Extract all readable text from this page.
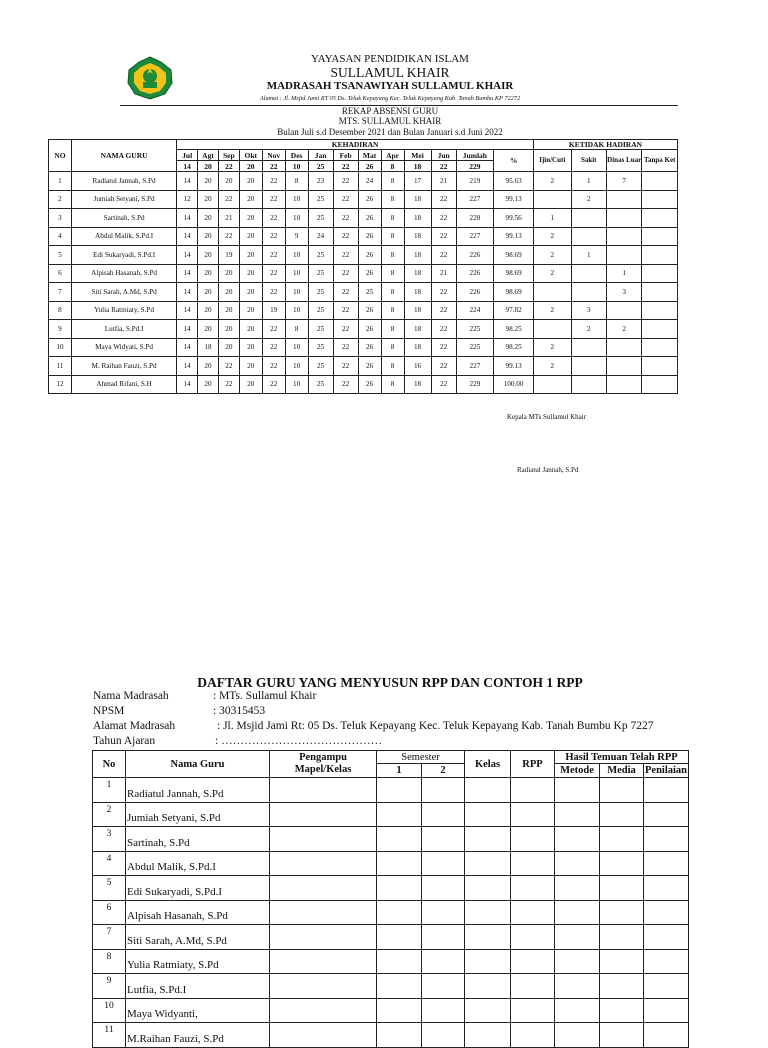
YAYASAN PENDIDIKAN ISLAM
SULLAMUL KHAIR
MADRASAH TSANAWIYAH SULLAMUL KHAIR
Alamat : Jl. Msjid Jami RT 05 Ds. Teluk Kepayang Kec. Teluk Kepayang Kab. Tanah Bumbu KP 72272
REKAP ABSENSI GURU
MTS. SULLAMUL KHAIR
Bulan Juli s.d Desember 2021 dan Bulan Januari s.d Juni 2022
NO	NAMA GURU	KEHADIRAN														KETIDAK HADIRAN			
		Jul	Agt	Sep	Okt	Nov	Des	Jan	Feb	Mat	Apr	Mei	Jun	Jumlah	%	Ijin/Cuti	Sakit	Dinas Luar	Tanpa Ket
		14	20	22	20	22	10	25	22	26	8	18	22	229					
1	Radiatul Jannah, S.Pd	14	20	20	20	22	8	23	22	24	8	17	21	219	95.63	2	1	7	
2	Jumiah Setyani, S.Pd	12	20	22	20	22	10	25	22	26	8	18	22	227	99.13		2		
3	Sartinah, S.Pd	14	20	21	20	22	10	25	22	26	8	18	22	228	99.56	1			
4	Abdul Malik, S.Pd.I	14	20	22	20	22	9	24	22	26	8	18	22	227	99.13	2			
5	Edi Sukaryadi, S.Pd.I	14	20	19	20	22	10	25	22	26	8	18	22	226	98.69	2	1		
6	Alpisah Hasanah, S.Pd	14	20	20	20	22	10	25	22	26	8	18	21	226	98.69	2		1	
7	Siti Sarah, A.Md, S.Pd	14	20	20	20	22	10	25	22	25	8	18	22	226	98.69			3	
8	Yulia Ratmiaty, S.Pd	14	20	20	20	19	10	25	22	26	8	18	22	224	97.82	2	3		
9	Lutfia, S.Pd.I	14	20	20	20	22	8	25	22	26	8	18	22	225	98.25		2	2	
10	Maya Widyati, S.Pd	14	18	20	20	22	10	25	22	26	8	18	22	225	98.25	2			
11	M. Raihan Fauzi, S.Pd	14	20	22	20	22	10	25	22	26	8	16	22	227	99.13	2			
12	Ahmad Rifani, S.H	14	20	22	20	22	10	25	22	26	8	18	22	229	100.00				
Kepala MTs Sullamul Khair
Radiatul Jannah, S.Pd
DAFTAR GURU YANG MENYUSUN RPP DAN CONTOH 1 RPP
Nama Madrasah	: MTs. Sullamul Khair
NPSM	: 30315453
Alamat Madrasah	: Jl. Msjid Jami Rt: 05 Ds. Teluk Kepayang Kec. Teluk Kepayang Kab. Tanah Bumbu Kp 7227
Tahun Ajaran	: ……………………………………
No	Nama Guru	Pengampu Mapel/Kelas	Semester		Kelas	RPP	Hasil Temuan Telah RPP		
			1	2			Metode	Media	Penilaian
1	Radiatul Jannah, S.Pd								
2	Jumiah Setyani, S.Pd								
3	Sartinah, S.Pd								
4	Abdul Malik, S.Pd.I								
5	Edi Sukaryadi, S.Pd.I								
6	Alpisah Hasanah, S.Pd								
7	Siti Sarah, A.Md, S.Pd								
8	Yulia Ratmiaty, S.Pd								
9	Lutfia, S.Pd.I								
10	Maya Widyanti,								
11	M.Raihan Fauzi, S.Pd								
